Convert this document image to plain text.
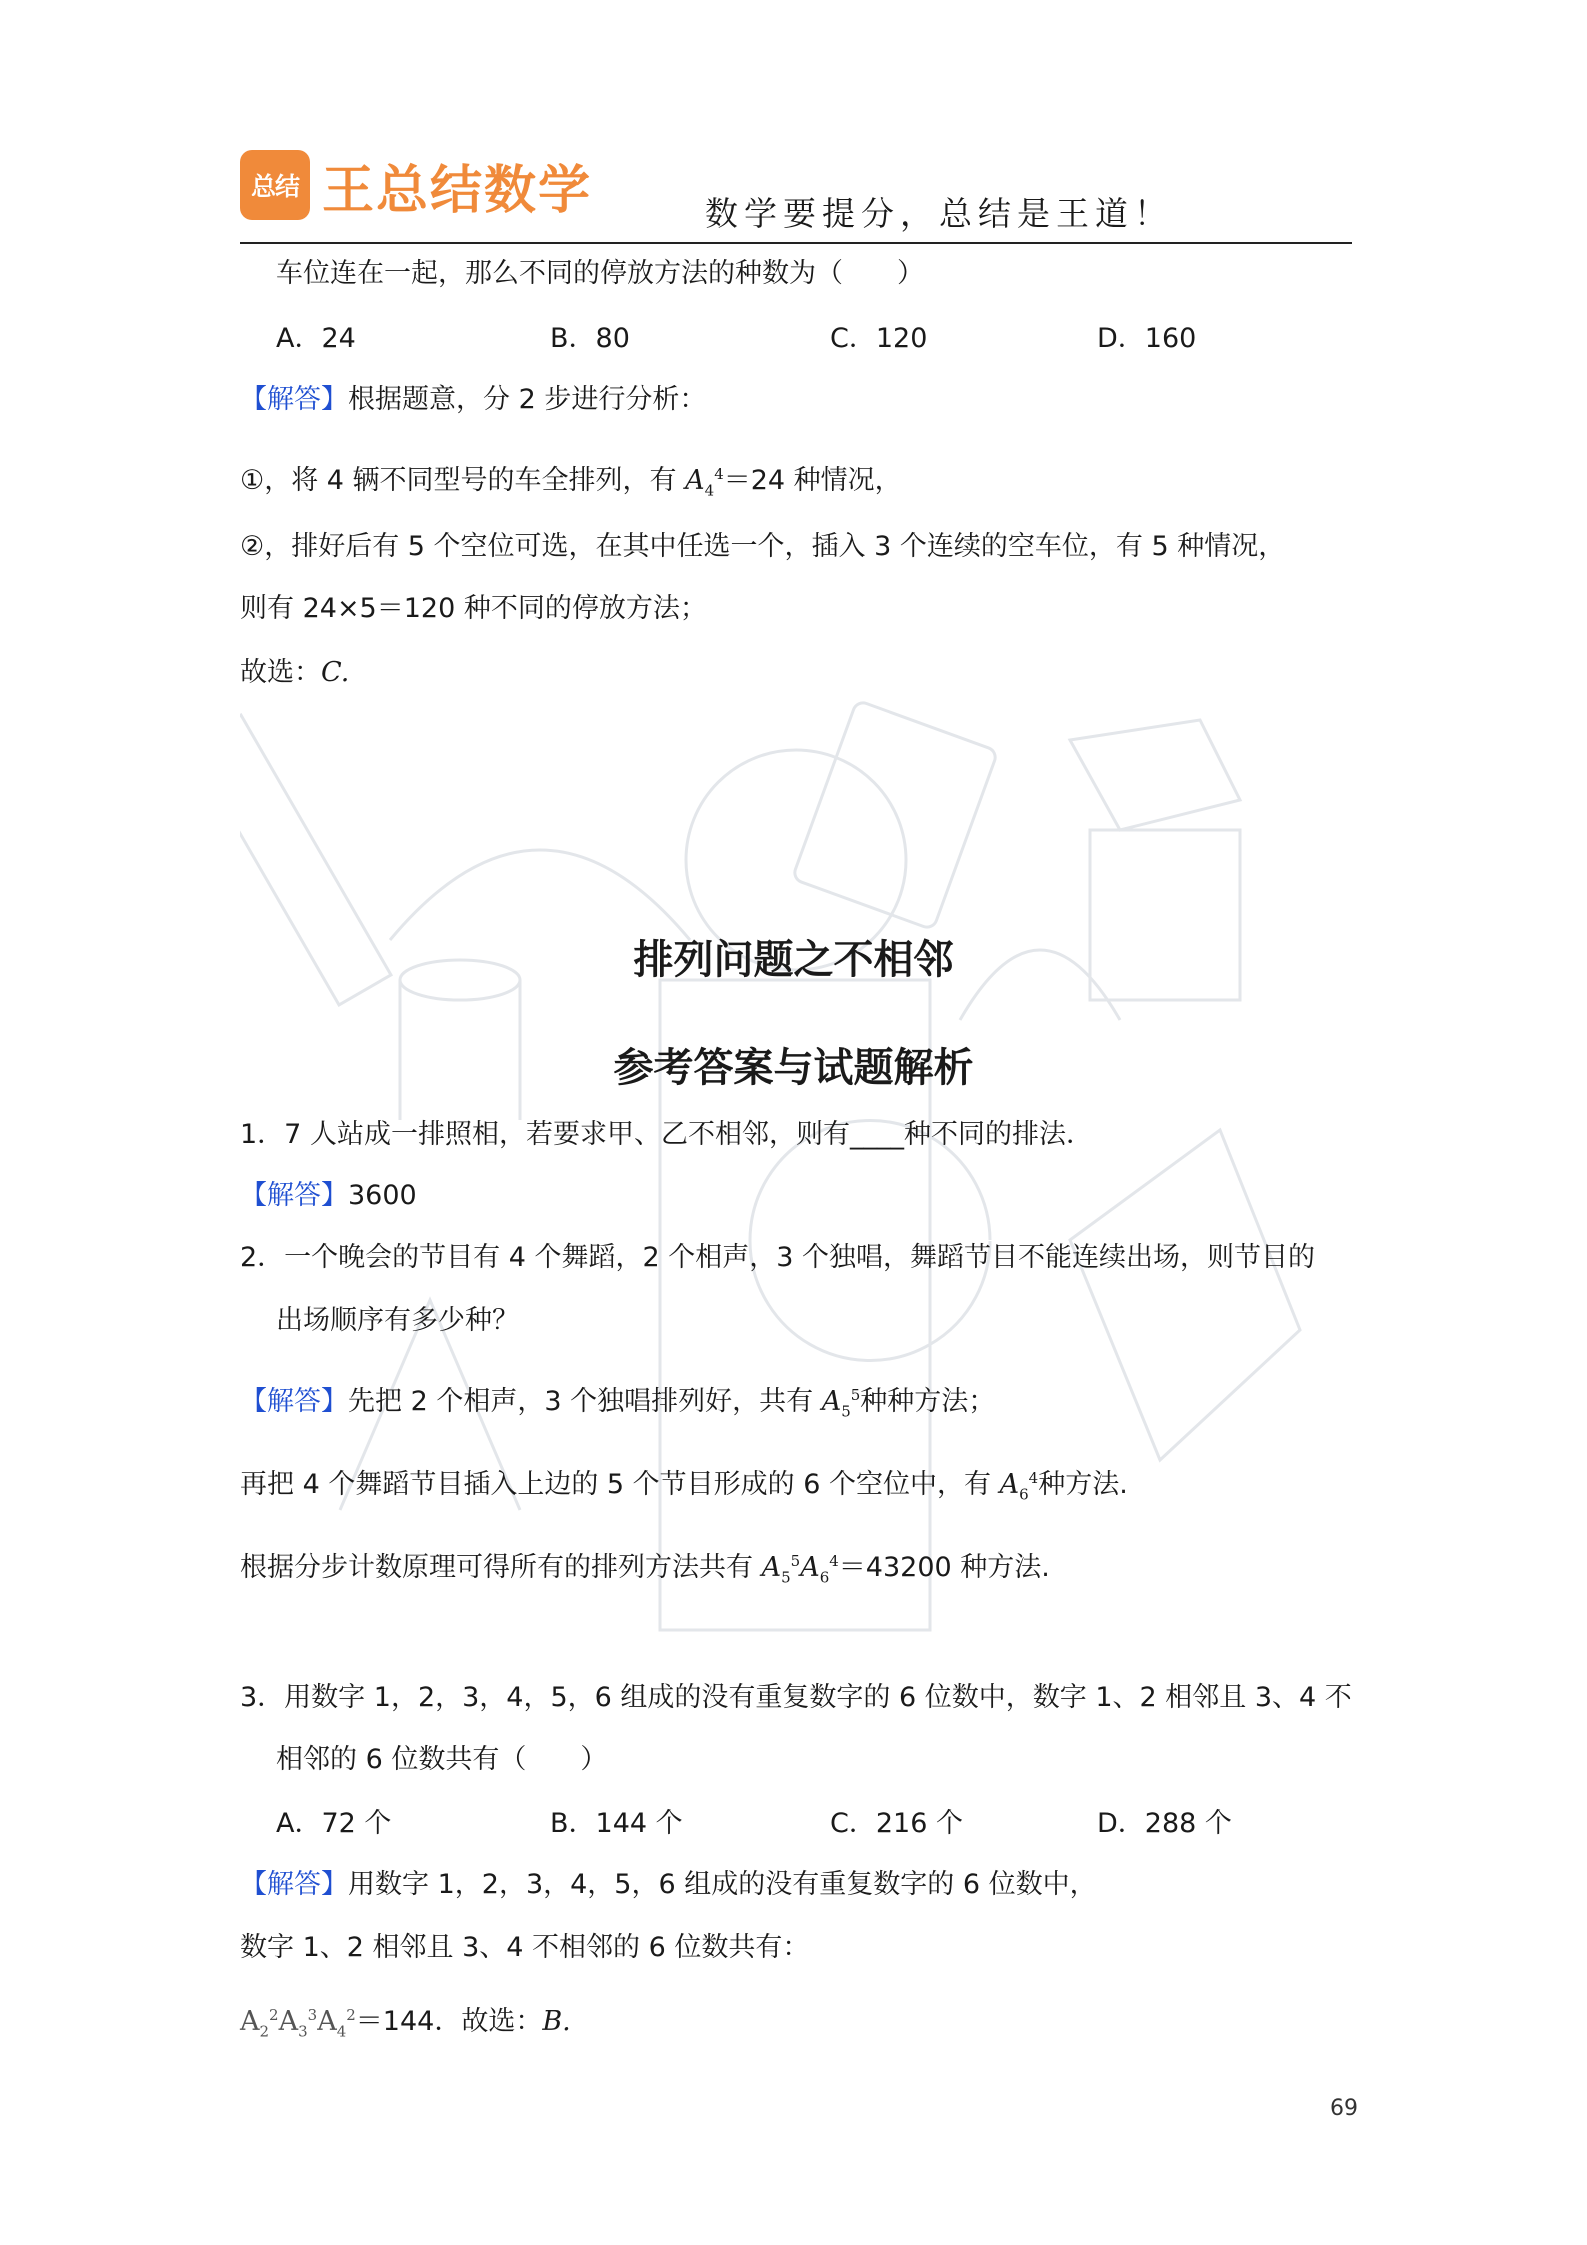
总结 王总结数学	数学要提分，总结是王道！
车位连在一起，那么不同的停放方法的种数为（　　）
A．24	B．80	C．120	D．160
【解答】根据题意，分 2 步进行分析：
①，将 4 辆不同型号的车全排列，有 $A_4^4=24$ 种情况，
②，排好后有 5 个空位可选，在其中任选一个，插入 3 个连续的空车位，有 5 种情况，
则有 24×5＝120 种不同的停放方法；
故选：C.
排列问题之不相邻
参考答案与试题解析
1．7 人站成一排照相，若要求甲、乙不相邻，则有____种不同的排法．
【解答】3600
2．一个晚会的节目有 4 个舞蹈，2 个相声，3 个独唱，舞蹈节目不能连续出场，则节目的
出场顺序有多少种？
【解答】先把 2 个相声，3 个独唱排列好，共有 $A_5^5$种种方法；
再把 4 个舞蹈节目插入上边的 5 个节目形成的 6 个空位中，有 $A_6^4$种方法.
根据分步计数原理可得所有的排列方法共有 $A_5^5A_6^4=43200$ 种方法.
3．用数字 1，2，3，4，5，6 组成的没有重复数字的 6 位数中，数字 1、2 相邻且 3、4 不
相邻的 6 位数共有（　　）
A．72 个	B．144 个	C．216 个	D．288 个
【解答】用数字 1，2，3，4，5，6 组成的没有重复数字的 6 位数中，
数字 1、2 相邻且 3、4 不相邻的 6 位数共有：
$A_2^2A_3^3A_4^2=144$．故选：B.
69
